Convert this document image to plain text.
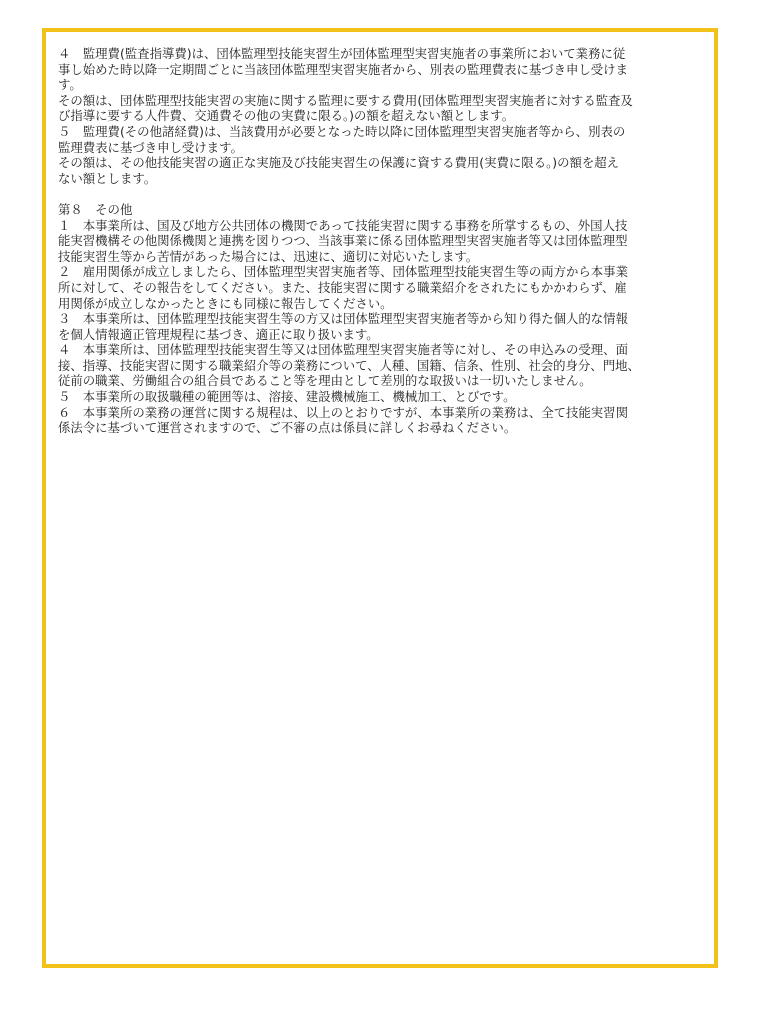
４　監理費(監査指導費)は、団体監理型技能実習生が団体監理型実習実施者の事業所において業務に従
事し始めた時以降一定期間ごとに当該団体監理型実習実施者から、別表の監理費表に基づき申し受けま
す。
その額は、団体監理型技能実習の実施に関する監理に要する費用(団体監理型実習実施者に対する監査及
び指導に要する人件費、交通費その他の実費に限る。)の額を超えない額とします。
５　監理費(その他諸経費)は、当該費用が必要となった時以降に団体監理型実習実施者等から、別表の
監理費表に基づき申し受けます。
その額は、その他技能実習の適正な実施及び技能実習生の保護に資する費用(実費に限る。)の額を超え
ない額とします。
第８　その他
１　本事業所は、国及び地方公共団体の機関であって技能実習に関する事務を所掌するもの、外国人技
能実習機構その他関係機関と連携を図りつつ、当該事業に係る団体監理型実習実施者等又は団体監理型
技能実習生等から苦情があった場合には、迅速に、適切に対応いたします。
２　雇用関係が成立しましたら、団体監理型実習実施者等、団体監理型技能実習生等の両方から本事業
所に対して、その報告をしてください。また、技能実習に関する職業紹介をされたにもかかわらず、雇
用関係が成立しなかったときにも同様に報告してください。
３　本事業所は、団体監理型技能実習生等の方又は団体監理型実習実施者等から知り得た個人的な情報
を個人情報適正管理規程に基づき、適正に取り扱います。
４　本事業所は、団体監理型技能実習生等又は団体監理型実習実施者等に対し、その申込みの受理、面
接、指導、技能実習に関する職業紹介等の業務について、人種、国籍、信条、性別、社会的身分、門地、
従前の職業、労働組合の組合員であること等を理由として差別的な取扱いは一切いたしません。
５　本事業所の取扱職種の範囲等は、溶接、建設機械施工、機械加工、とびです。
６　本事業所の業務の運営に関する規程は、以上のとおりですが、本事業所の業務は、全て技能実習関
係法令に基づいて運営されますので、ご不審の点は係員に詳しくお尋ねください。
